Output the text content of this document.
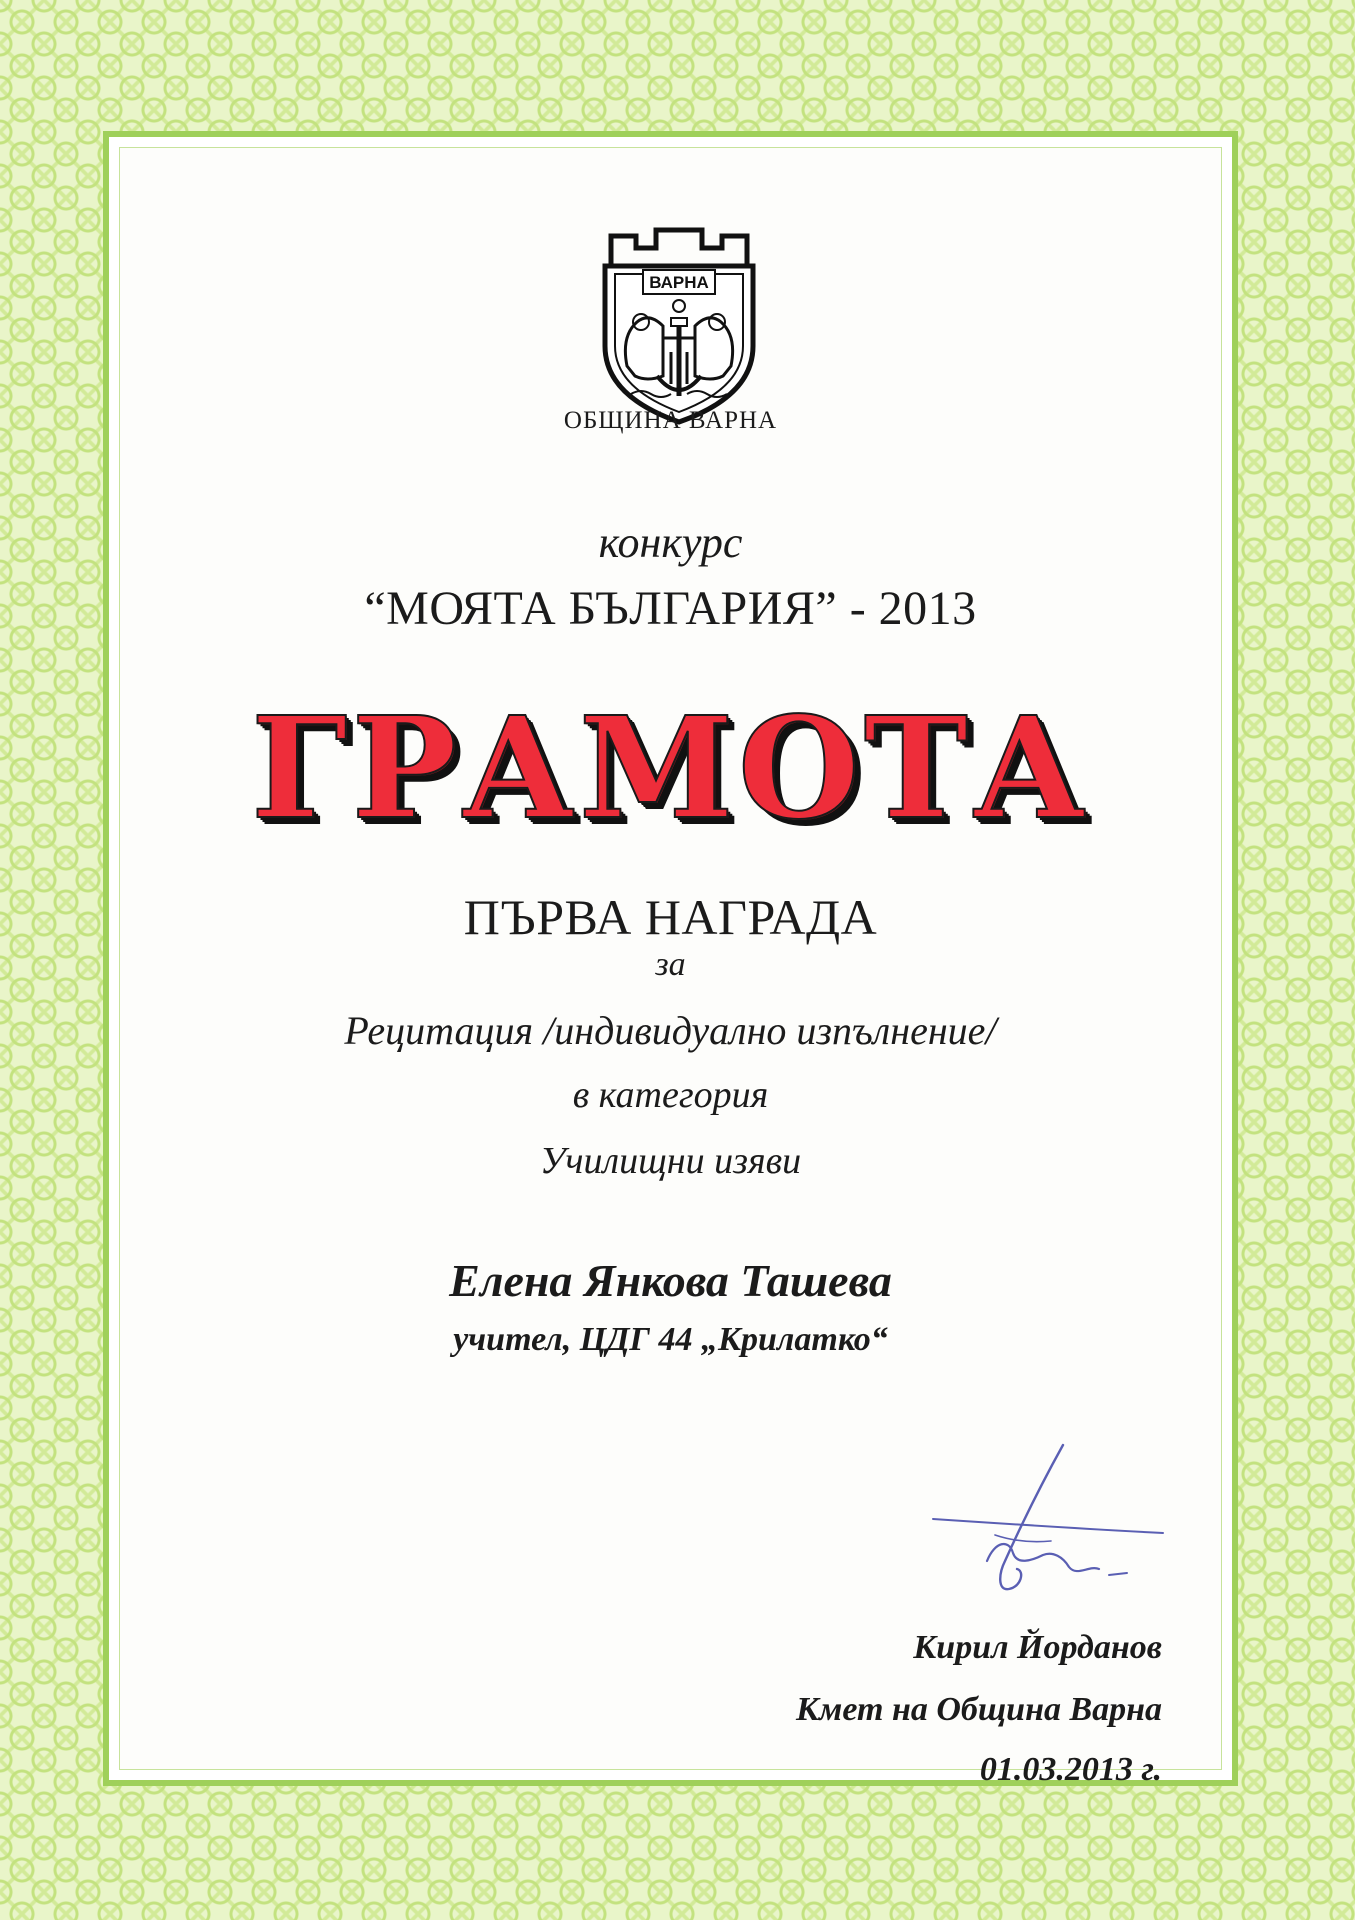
ВАРНА
ОБЩИНА ВАРНА
конкурс
“МОЯТА БЪЛГАРИЯ” - 2013
ГРАМОТА
ПЪРВА НАГРАДА
за
Рецитация /индивидуално изпълнение/
в категория
Училищни изяви
Елена Янкова Ташева
учител, ЦДГ 44 „Крилатко“
Кирил Йорданов
Кмет на Община Варна
01.03.2013 г.
